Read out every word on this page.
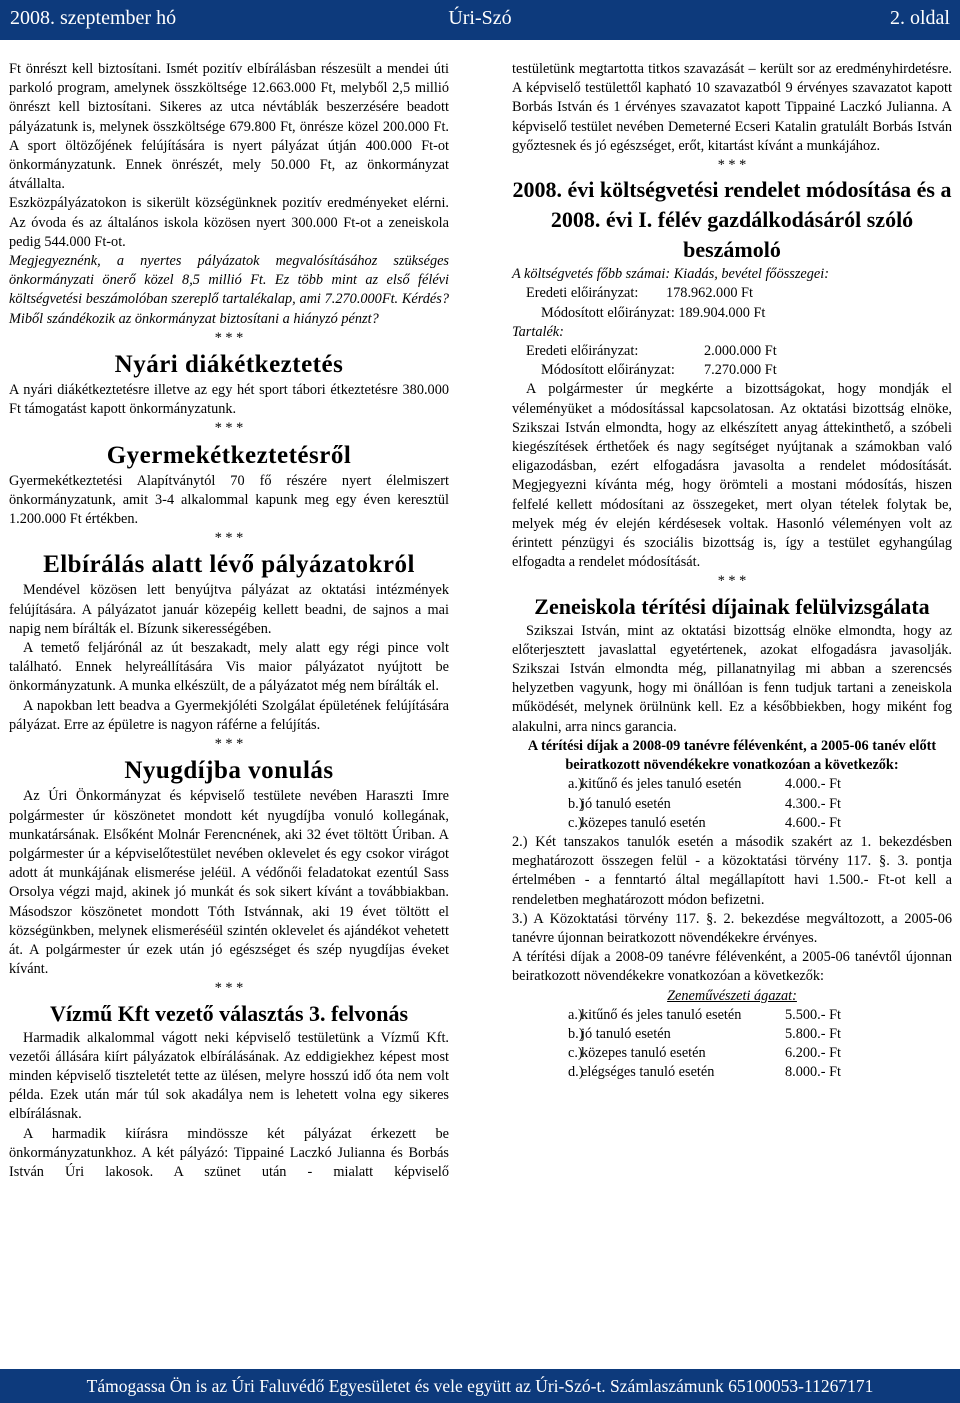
Úri-Szó
2008. szeptember hó	2. oldal

Ft önrészt kell biztosítani. Ismét pozitív elbírálásban részesült a mendei úti parkoló program, amelynek összköltsége 12.663.000 Ft, melyből 2,5 millió önrészt kell biztosítani. Sikeres az utca névtáblák beszerzésére beadott pályázatunk is, melynek összköltsége 679.800 Ft, önrésze közel 200.000 Ft. A sport öltözőjének felújítására is nyert pályázat útján 400.000 Ft-ot önkormányzatunk. Ennek önrészét, mely 50.000 Ft, az önkormányzat átvállalta.

Eszközpályázatokon is sikerült községünknek pozitív eredményeket elérni. Az óvoda és az általános iskola közösen nyert 300.000 Ft-ot a zeneiskola pedig 544.000 Ft-ot.

Megjegyeznénk, a nyertes pályázatok megvalósításához szükséges önkormányzati önerő közel 8,5 millió Ft. Ez több mint az első félévi költségvetési beszámolóban szereplő tartalékalap, ami 7.270.000Ft. Kérdés? Miből szándékozik az önkormányzat biztosítani a hiányzó pénzt?

* * *

Nyári diákétkeztetés

A nyári diákétkeztetésre illetve az egy hét sport tábori étkeztetésre 380.000 Ft támogatást kapott önkormányzatunk.

* * *

Gyermekétkeztetésről

Gyermekétkeztetési Alapítványtól 70 fő részére nyert élelmiszert önkormányzatunk, amit 3-4 alkalommal kapunk meg egy éven keresztül 1.200.000 Ft értékben.

* * *

Elbírálás alatt lévő pályázatokról

Mendével közösen lett benyújtva pályázat az oktatási intézmények felújítására. A pályázatot január közepéig kellett beadni, de sajnos a mai napig nem bírálták el. Bízunk sikerességében.

A temető feljárónál az út beszakadt, mely alatt egy régi pince volt található. Ennek helyreállítására Vis maior pályázatot nyújtott be önkormányzatunk. A munka elkészült, de a pályázatot még nem bírálták el.

A napokban lett beadva a Gyermekjóléti Szolgálat épületének felújítására pályázat. Erre az épületre is nagyon ráférne a felújítás.

* * *

Nyugdíjba vonulás

Az Úri Önkormányzat és képviselő testülete nevében Haraszti Imre polgármester úr köszönetet mondott két nyugdíjba vonuló kollegának, munkatársának. Elsőként Molnár Ferencnének, aki 32 évet töltött Úriban. A polgármester úr a képviselőtestület nevében oklevelet és egy csokor virágot adott át munkájának elismerése jeléül. A védőnői feladatokat ezentúl Sass Orsolya végzi majd, akinek jó munkát és sok sikert kívánt a továbbiakban. Másodszor köszönetet mondott Tóth Istvánnak, aki 19 évet töltött el községünkben, melynek elismeréséül szintén oklevelet és ajándékot vehetett át. A polgármester úr ezek után jó egészséget és szép nyugdíjas éveket kívánt.

* * *

Vízmű Kft vezető választás 3. felvonás

Harmadik alkalommal vágott neki képviselő testületünk a Vízmű Kft. vezetői állására kiírt pályázatok elbírálásának. Az eddigiekhez képest most minden képviselő tiszteletét tette az ülésen, melyre hosszú idő óta nem volt példa. Ezek után már túl sok akadálya nem is lehetett volna egy sikeres elbírálásnak.

A harmadik kiírásra mindössze két pályázat érkezett be önkormányzatunkhoz. A két pályázó: Tippainé Laczkó Julianna és Borbás István Úri lakosok. A szünet után - mialatt képviselő

testületünk megtartotta titkos szavazását – került sor az eredményhirdetésre. A képviselő testülettől kapható 10 szavazatból 9 érvényes szavazatot kapott Borbás István és 1 érvényes szavazatot kapott Tippainé Laczkó Julianna. A képviselő testület nevében Demeterné Ecseri Katalin gratulált Borbás István győztesnek és jó egészséget, erőt, kitartást kívánt a munkájához.

* * *

2008. évi költségvetési rendelet módosítása és a 2008. évi I. félév gazdálkodásáról szóló beszámoló

A költségvetés főbb számai: Kiadás, bevétel főösszegei:

Eredeti előirányzat:	178.962.000 Ft

Módosított előirányzat: 189.904.000 Ft

Tartalék:

Eredeti előirányzat:	2.000.000 Ft
Módosított előirányzat:	7.270.000 Ft

A polgármester úr megkérte a bizottságokat, hogy mondják el véleményüket a módosítással kapcsolatosan. Az oktatási bizottság elnöke, Szikszai István elmondta, hogy az elkészített anyag áttekinthető, a szóbeli kiegészítések érthetőek és nagy segítséget nyújtanak a számokban való eligazodásban, ezért elfogadásra javasolta a rendelet módosítását. Megjegyezni kívánta még, hogy örömteli a mostani módosítás, hiszen felfelé kellett módosítani az összegeket, mert olyan tételek folytak be, melyek még év elején kérdésesek voltak. Hasonló véleményen volt az érintett pénzügyi és szociális bizottság is, így a testület egyhangúlag elfogadta a rendelet módosítását.

* * *

Zeneiskola térítési díjainak felülvizsgálata

Szikszai István, mint az oktatási bizottság elnöke elmondta, hogy az előterjesztett javaslattal egyetértenek, azokat elfogadásra javasolják. Szikszai István elmondta még, pillanatnyilag mi abban a szerencsés helyzetben vagyunk, hogy mi önállóan is fenn tudjuk tartani a zeneiskola működését, melynek örülnünk kell. Ez a későbbiekben, hogy miként fog alakulni, arra nincs garancia.

A térítési díjak a 2008-09 tanévre félévenként, a 2005-06 tanév előtt beiratkozott növendékekre vonatkozóan a következők:

a.)
kitűnő és jeles tanuló esetén	4.000.- Ft
b.)
jó tanuló esetén	4.300.- Ft
c.)
közepes tanuló esetén	4.600.- Ft

2.) Két tanszakos tanulók esetén a második szakért az 1. bekezdésben meghatározott összegen felül - a közoktatási törvény 117. §. 3. pontja értelmében - a fenntartó által megállapított havi 1.500.- Ft-ot kell a rendeletben meghatározott módon befizetni.

3.) A Közoktatási törvény 117. §. 2. bekezdése megváltozott, a 2005-06 tanévre újonnan beiratkozott növendékekre érvényes.

A térítési díjak a 2008-09 tanévre félévenként, a 2005-06 tanévtől újonnan beiratkozott növendékekre vonatkozóan a következők:

Zeneművészeti ágazat:

a.)
kitűnő és jeles tanuló esetén	5.500.- Ft
b.)
jó tanuló esetén	5.800.- Ft
c.)
közepes tanuló esetén	6.200.- Ft
d.)
elégséges tanuló esetén	8.000.- Ft
Támogassa Ön is az Úri Faluvédő Egyesületet és vele együtt az Úri-Szó-t. Számlaszámunk 65100053-11267171
